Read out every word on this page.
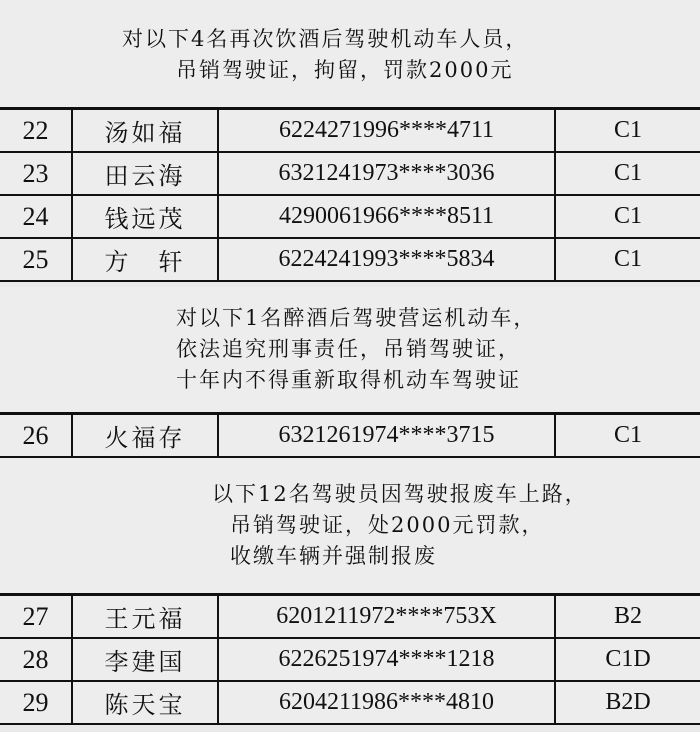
对以下4名再次饮酒后驾驶机动车人员，
吊销驾驶证，拘留，罚款2000元
22	汤如福	6224271996****4711	C1
23	田云海	6321241973****3036	C1
24	钱远茂	4290061966****8511	C1
25	方　轩	6224241993****5834	C1
对以下1名醉酒后驾驶营运机动车，
依法追究刑事责任，吊销驾驶证，
十年内不得重新取得机动车驾驶证
26	火福存	6321261974****3715	C1
以下12名驾驶员因驾驶报废车上路，
吊销驾驶证，处2000元罚款，
收缴车辆并强制报废
27	王元福	6201211972****753X	B2
28	李建国	6226251974****1218	C1D
29	陈天宝	6204211986****4810	B2D
